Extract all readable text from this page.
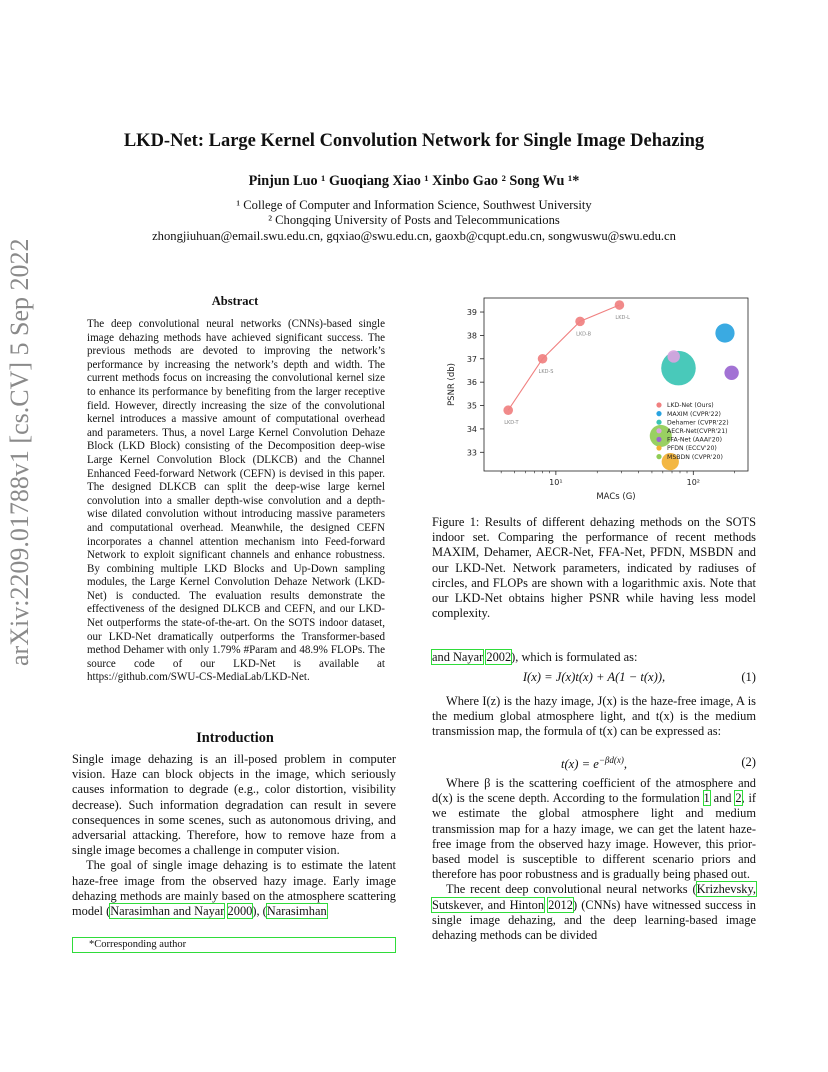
LKD-Net: Large Kernel Convolution Network for Single Image Dehazing
Pinjun Luo ¹ Guoqiang Xiao ¹ Xinbo Gao ² Song Wu ¹*
¹ College of Computer and Information Science, Southwest University
² Chongqing University of Posts and Telecommunications
zhongjiuhuan@email.swu.edu.cn, gqxiao@swu.edu.cn, gaoxb@cqupt.edu.cn, songwuswu@swu.edu.cn
arXiv:2209.01788v1 [cs.CV] 5 Sep 2022	Abstract
The deep convolutional neural networks (CNNs)-based single image dehazing methods have achieved significant success. The previous methods are devoted to improving the network’s performance by increasing the network’s depth and width. The current methods focus on increasing the convolutional kernel size to enhance its performance by benefiting from the larger receptive field. However, directly increasing the size of the convolutional kernel introduces a massive amount of computational overhead and parameters. Thus, a novel Large Kernel Convolution Dehaze Block (LKD Block) consisting of the Decomposition deep-wise Large Kernel Convolution Block (DLKCB) and the Channel Enhanced Feed-forward Network (CEFN) is devised in this paper. The designed DLKCB can split the deep-wise large kernel convolution into a smaller depth-wise convolution and a depth-wise dilated convolution without introducing massive parameters and computational overhead. Meanwhile, the designed CEFN incorporates a channel attention mechanism into Feed-forward Network to exploit significant channels and enhance robustness. By combining multiple LKD Blocks and Up-Down sampling modules, the Large Kernel Convolution Dehaze Network (LKD-Net) is conducted. The evaluation results demonstrate the effectiveness of the designed DLKCB and CEFN, and our LKD-Net outperforms the state-of-the-art. On the SOTS indoor dataset, our LKD-Net dramatically outperforms the Transformer-based method Dehamer with only 1.79% #Param and 48.9% FLOPs. The source code of our LKD-Net is available at https://github.com/SWU-CS-MediaLab/LKD-Net.
Introduction

Single image dehazing is an ill-posed problem in computer vision. Haze can block objects in the image, which seriously causes information to degrade (e.g., color distortion, visibility decrease). Such information degradation can result in severe consequences in some scenes, such as autonomous driving, and adversarial attacking. Therefore, how to remove haze from a single image becomes a challenge in computer vision.

The goal of single image dehazing is to estimate the latent haze-free image from the observed hazy image. Early image dehazing methods are mainly based on the atmosphere scattering model (Narasimhan and Nayar 2000), (Narasimhan

*Corresponding author
LKD-T
LKD-S
LKD-B
LKD-L
33
34
35
36
37
38
39
10¹	10²
MACs (G)
PSNR (db)	LKD-Net (Ours)
MAXIM (CVPR'22)
Dehamer (CVPR'22)
AECR-Net(CVPR'21)
FFA-Net (AAAI'20)
PFDN (ECCV'20)
MSBDN (CVPR'20)
Figure 1: Results of different dehazing methods on the SOTS indoor set. Comparing the performance of recent methods MAXIM, Dehamer, AECR-Net, FFA-Net, PFDN, MSBDN and our LKD-Net. Network parameters, indicated by radiuses of circles, and FLOPs are shown with a logarithmic axis. Note that our LKD-Net obtains higher PSNR while having less model complexity.

and Nayar 2002), which is formulated as:

I(x) = J(x)t(x) + A(1 − t(x)),	(1)

Where I(z) is the hazy image, J(x) is the haze-free image, A is the medium global atmosphere light, and t(x) is the medium transmission map, the formula of t(x) can be expressed as:

$t(x) = e^{-\beta d(x)}$,	(2)

Where β is the scattering coefficient of the atmosphere and d(x) is the scene depth. According to the formulation 1 and 2, if we estimate the global atmosphere light and medium transmission map for a hazy image, we can get the latent haze-free image from the observed hazy image. However, this prior-based model is susceptible to different scenario priors and therefore has poor robustness and is gradually being phased out.

The recent deep convolutional neural networks (Krizhevsky, Sutskever, and Hinton 2012) (CNNs) have witnessed success in single image dehazing, and the deep learning-based image dehazing methods can be divided
